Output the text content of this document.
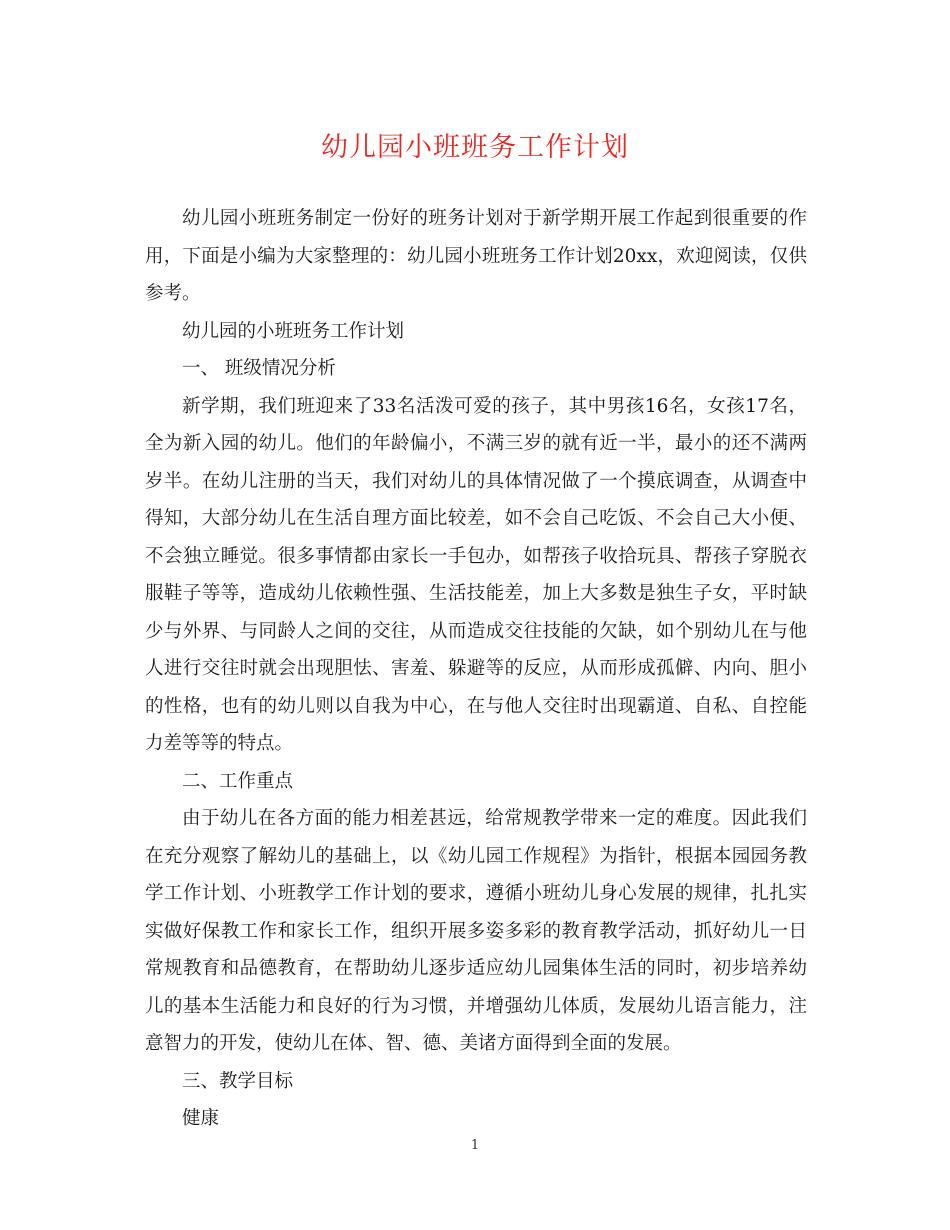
幼儿园小班班务工作计划

幼儿园小班班务制定一份好的班务计划对于新学期开展工作起到很重要的作用，下面是小编为大家整理的：幼儿园小班班务工作计划20xx，欢迎阅读，仅供参考。

幼儿园的小班班务工作计划

一、 班级情况分析

新学期，我们班迎来了33名活泼可爱的孩子，其中男孩16名，女孩17名，全为新入园的幼儿。他们的年龄偏小，不满三岁的就有近一半，最小的还不满两岁半。在幼儿注册的当天，我们对幼儿的具体情况做了一个摸底调查，从调查中得知，大部分幼儿在生活自理方面比较差，如不会自己吃饭、不会自己大小便、不会独立睡觉。很多事情都由家长一手包办，如帮孩子收拾玩具、帮孩子穿脱衣服鞋子等等，造成幼儿依赖性强、生活技能差，加上大多数是独生子女，平时缺少与外界、与同龄人之间的交往，从而造成交往技能的欠缺，如个别幼儿在与他人进行交往时就会出现胆怯、害羞、躲避等的反应，从而形成孤僻、内向、胆小的性格，也有的幼儿则以自我为中心，在与他人交往时出现霸道、自私、自控能力差等等的特点。

二、工作重点

由于幼儿在各方面的能力相差甚远，给常规教学带来一定的难度。因此我们在充分观察了解幼儿的基础上，以《幼儿园工作规程》为指针，根据本园园务教学工作计划、小班教学工作计划的要求，遵循小班幼儿身心发展的规律，扎扎实实做好保教工作和家长工作，组织开展多姿多彩的教育教学活动，抓好幼儿一日常规教育和品德教育，在帮助幼儿逐步适应幼儿园集体生活的同时，初步培养幼儿的基本生活能力和良好的行为习惯，并增强幼儿体质，发展幼儿语言能力，注意智力的开发，使幼儿在体、智、德、美诸方面得到全面的发展。

三、教学目标

健康

1
